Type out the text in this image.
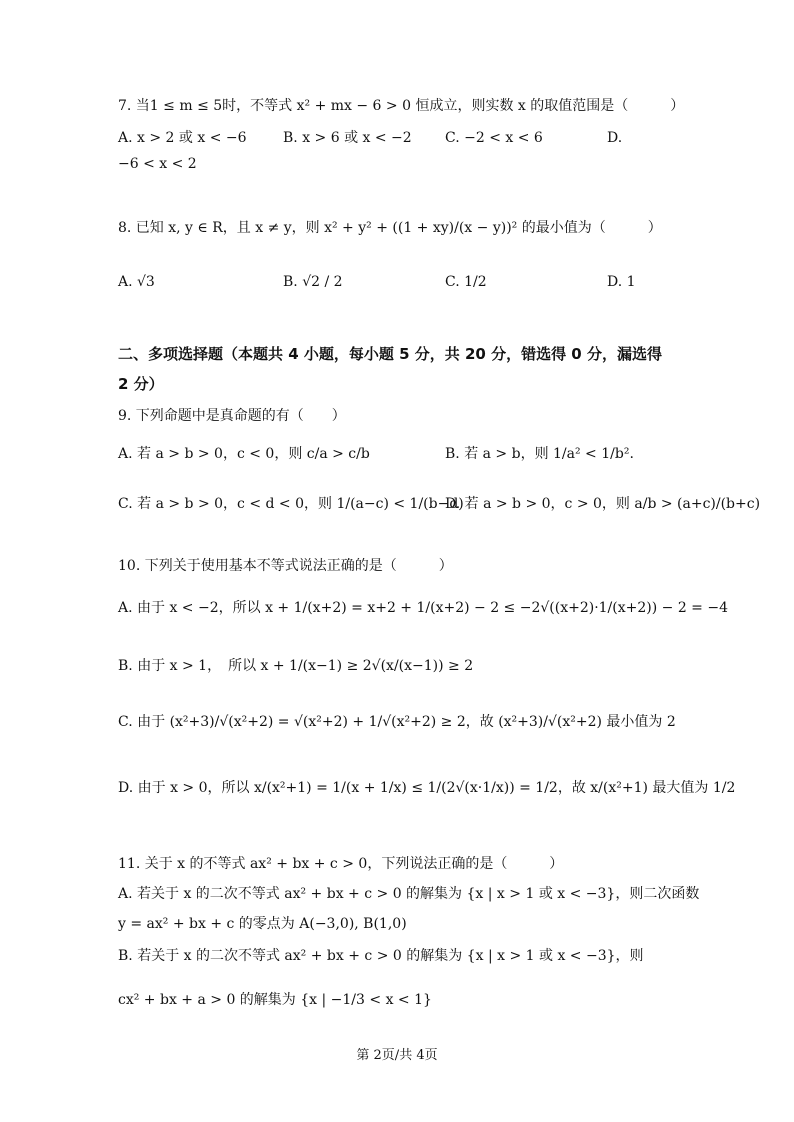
7. 当1 ≤ m ≤ 5时，不等式 x² + mx − 6 > 0 恒成立，则实数 x 的取值范围是（　　　）
A. x > 2 或 x < −6	B. x > 6 或 x < −2 C. −2 < x < 6	D.
−6 < x < 2
8. 已知 x, y ∈ R，且 x ≠ y，则 x² + y² + ((1 + xy)/(x − y))² 的最小值为（　　　）
A. √3	B. √2 / 2	C. 1/2	D. 1
二、多项选择题（本题共 4 小题，每小题 5 分，共 20 分，错选得 0 分，漏选得
2 分）
9. 下列命题中是真命题的有（　　）
A. 若 a > b > 0，c < 0，则 c/a > c/b	B. 若 a > b，则 1/a² < 1/b².
C. 若 a > b > 0，c < d < 0，则 1/(a−c) < 1/(b−d)
D. 若 a > b > 0，c > 0，则 a/b > (a+c)/(b+c)
10. 下列关于使用基本不等式说法正确的是（　　　）
A. 由于 x < −2，所以 x + 1/(x+2) = x+2 + 1/(x+2) − 2 ≤ −2√((x+2)·1/(x+2)) − 2 = −4
B. 由于 x > 1，　所以 x + 1/(x−1) ≥ 2√(x/(x−1)) ≥ 2
C. 由于 (x²+3)/√(x²+2) = √(x²+2) + 1/√(x²+2) ≥ 2，故 (x²+3)/√(x²+2) 最小值为 2
D. 由于 x > 0，所以 x/(x²+1) = 1/(x + 1/x) ≤ 1/(2√(x·1/x)) = 1/2，故 x/(x²+1) 最大值为 1/2
11. 关于 x 的不等式 ax² + bx + c > 0，下列说法正确的是（　　　）
A. 若关于 x 的二次不等式 ax² + bx + c > 0 的解集为 {x | x > 1 或 x < −3}，则二次函数
y = ax² + bx + c 的零点为 A(−3,0), B(1,0)
B. 若关于 x 的二次不等式 ax² + bx + c > 0 的解集为 {x | x > 1 或 x < −3}，则
cx² + bx + a > 0 的解集为 {x | −1/3 < x < 1}
第 2页/共 4页
